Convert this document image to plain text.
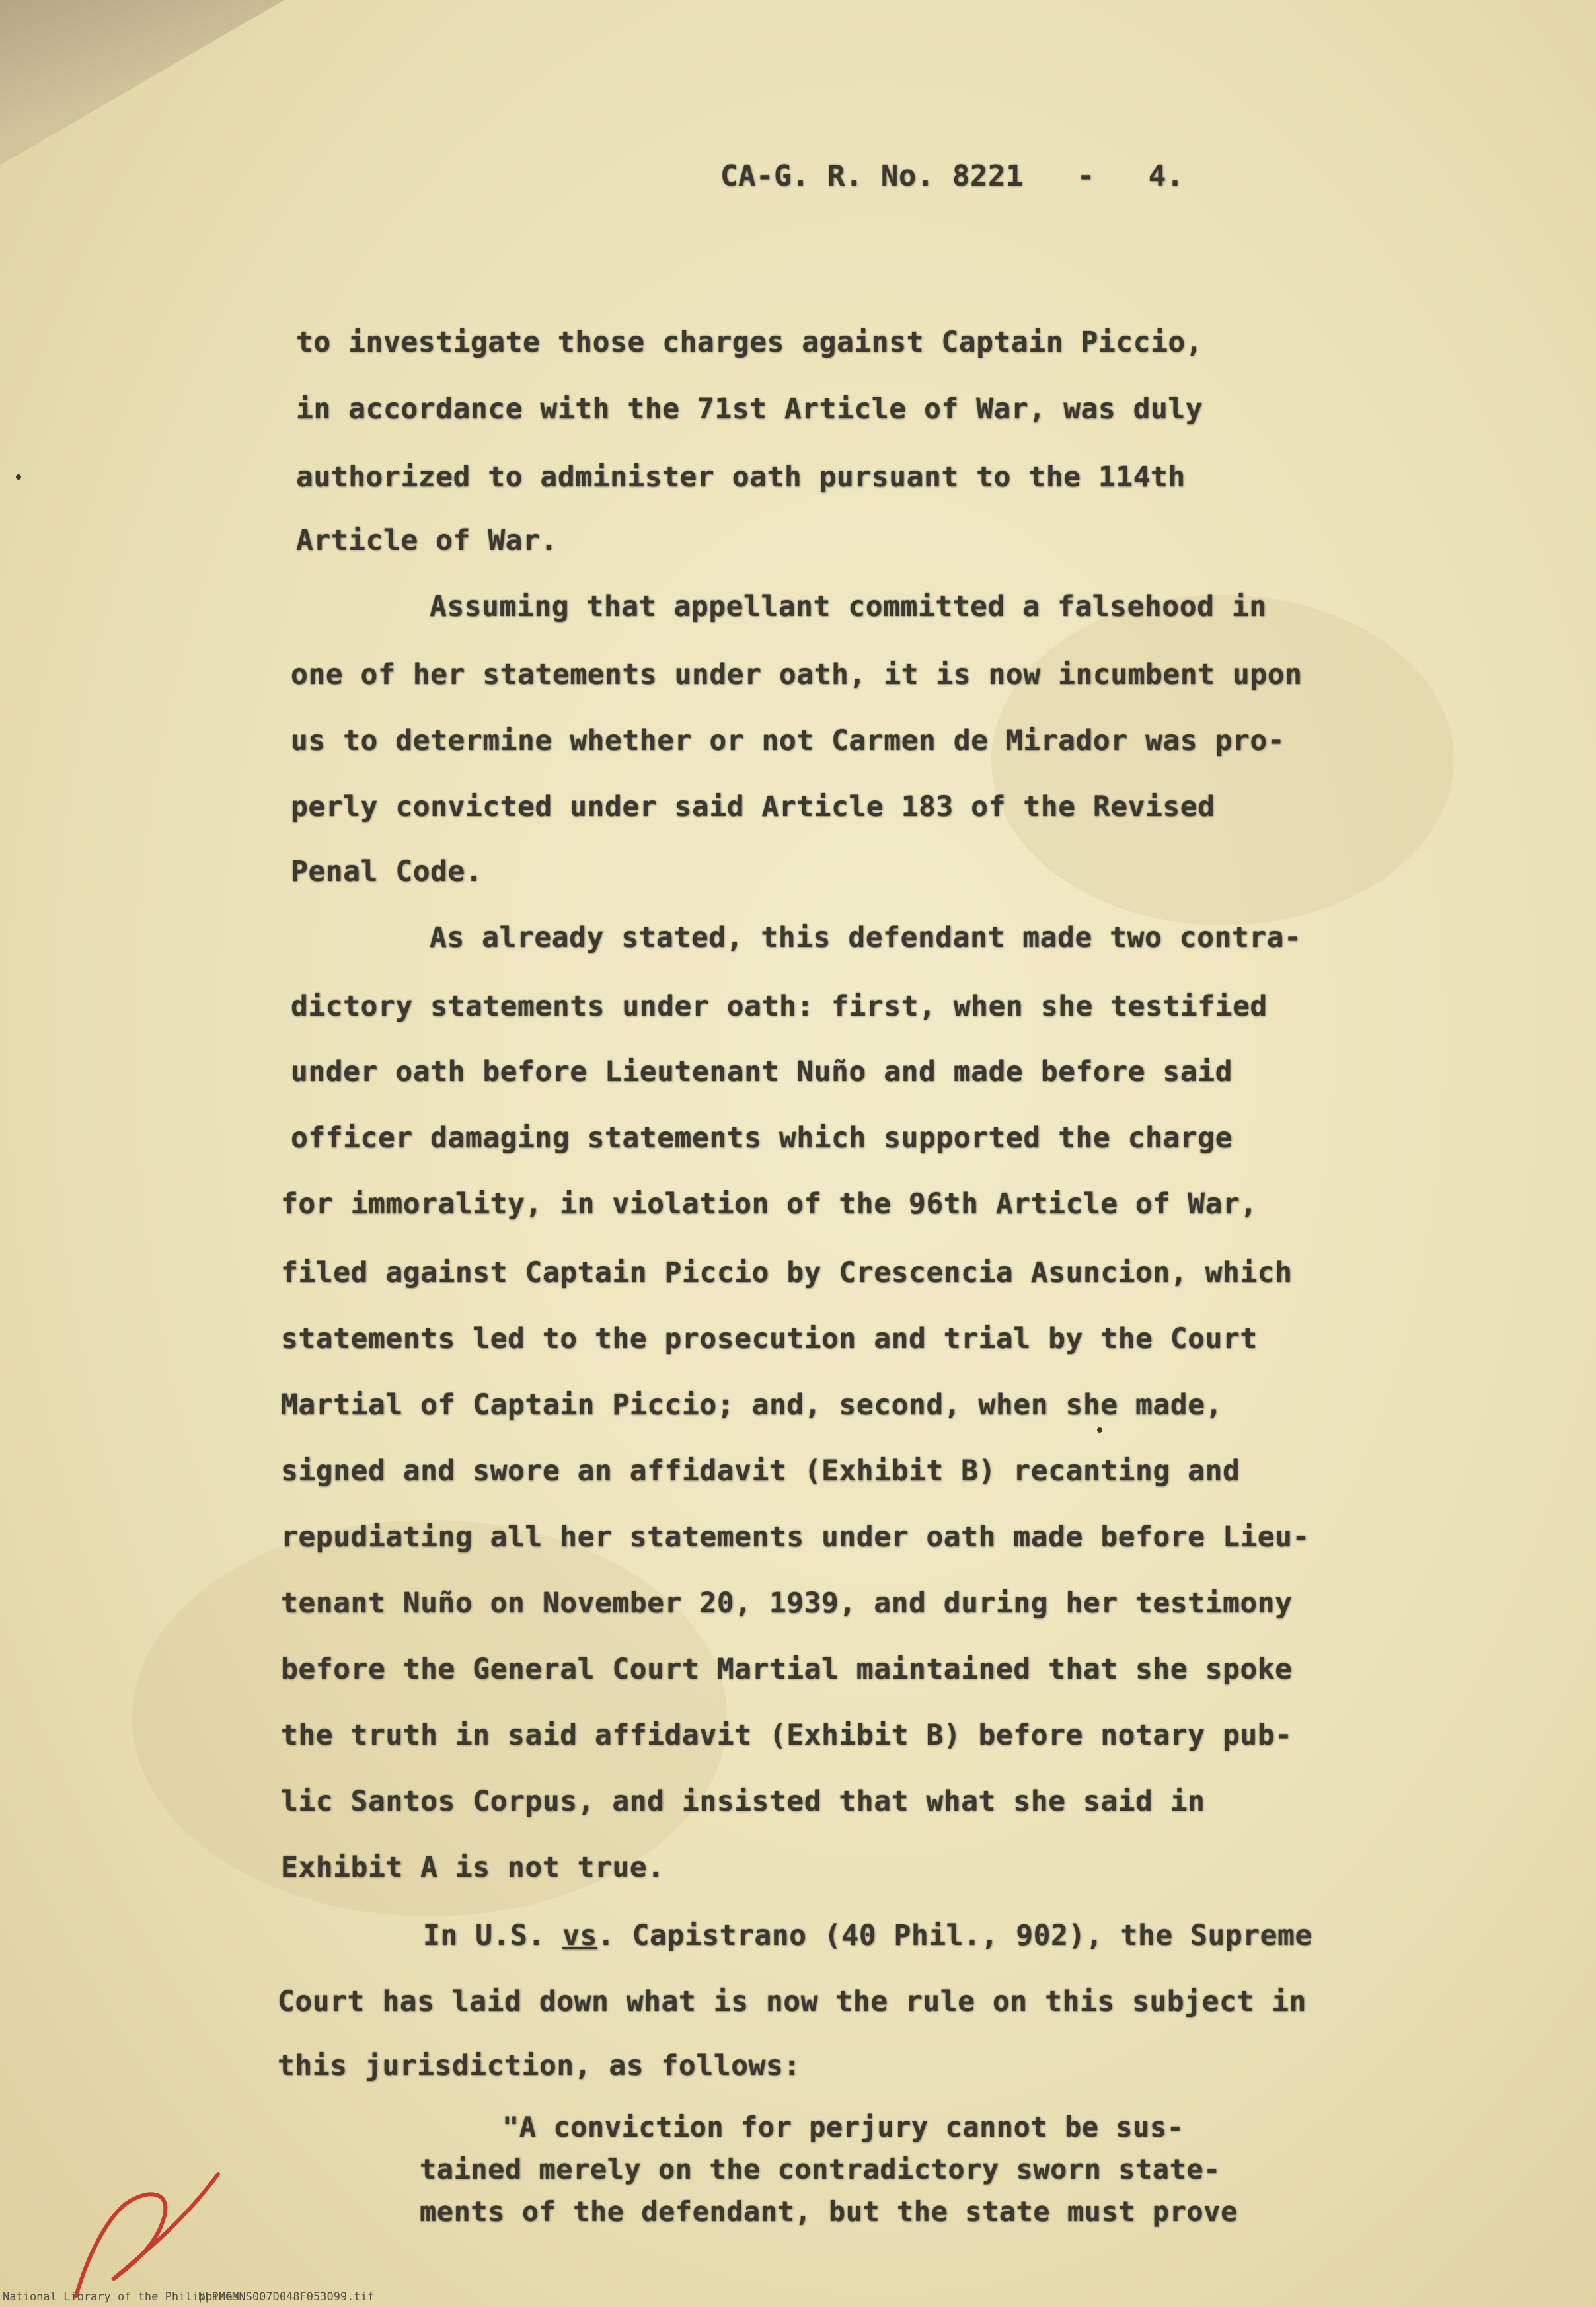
CA-G. R. No. 8221   -   4.
to investigate those charges against Captain Piccio,
in accordance with the 71st Article of War, was duly
authorized to administer oath pursuant to the 114th
Article of War.
Assuming that appellant committed a falsehood in
one of her statements under oath, it is now incumbent upon
us to determine whether or not Carmen de Mirador was pro-
perly convicted under said Article 183 of the Revised
Penal Code.
As already stated, this defendant made two contra-
dictory statements under oath: first, when she testified
under oath before Lieutenant Nuño and made before said
officer damaging statements which supported the charge
for immorality, in violation of the 96th Article of War,
filed against Captain Piccio by Crescencia Asuncion, which
statements led to the prosecution and trial by the Court
Martial of Captain Piccio; and, second, when she made,
signed and swore an affidavit (Exhibit B) recanting and
repudiating all her statements under oath made before Lieu-
tenant Nuño on November 20, 1939, and during her testimony
before the General Court Martial maintained that she spoke
the truth in said affidavit (Exhibit B) before notary pub-
lic Santos Corpus, and insisted that what she said in
Exhibit A is not true.
In U.S. vs. Capistrano (40 Phil., 902), the Supreme
Court has laid down what is now the rule on this subject in
this jurisdiction, as follows:
"A conviction for perjury cannot be sus-
tained merely on the contradictory sworn state-
ments of the defendant, but the state must prove
National Library of the Philippines
NLPMGMNS007D048F053099.tif
